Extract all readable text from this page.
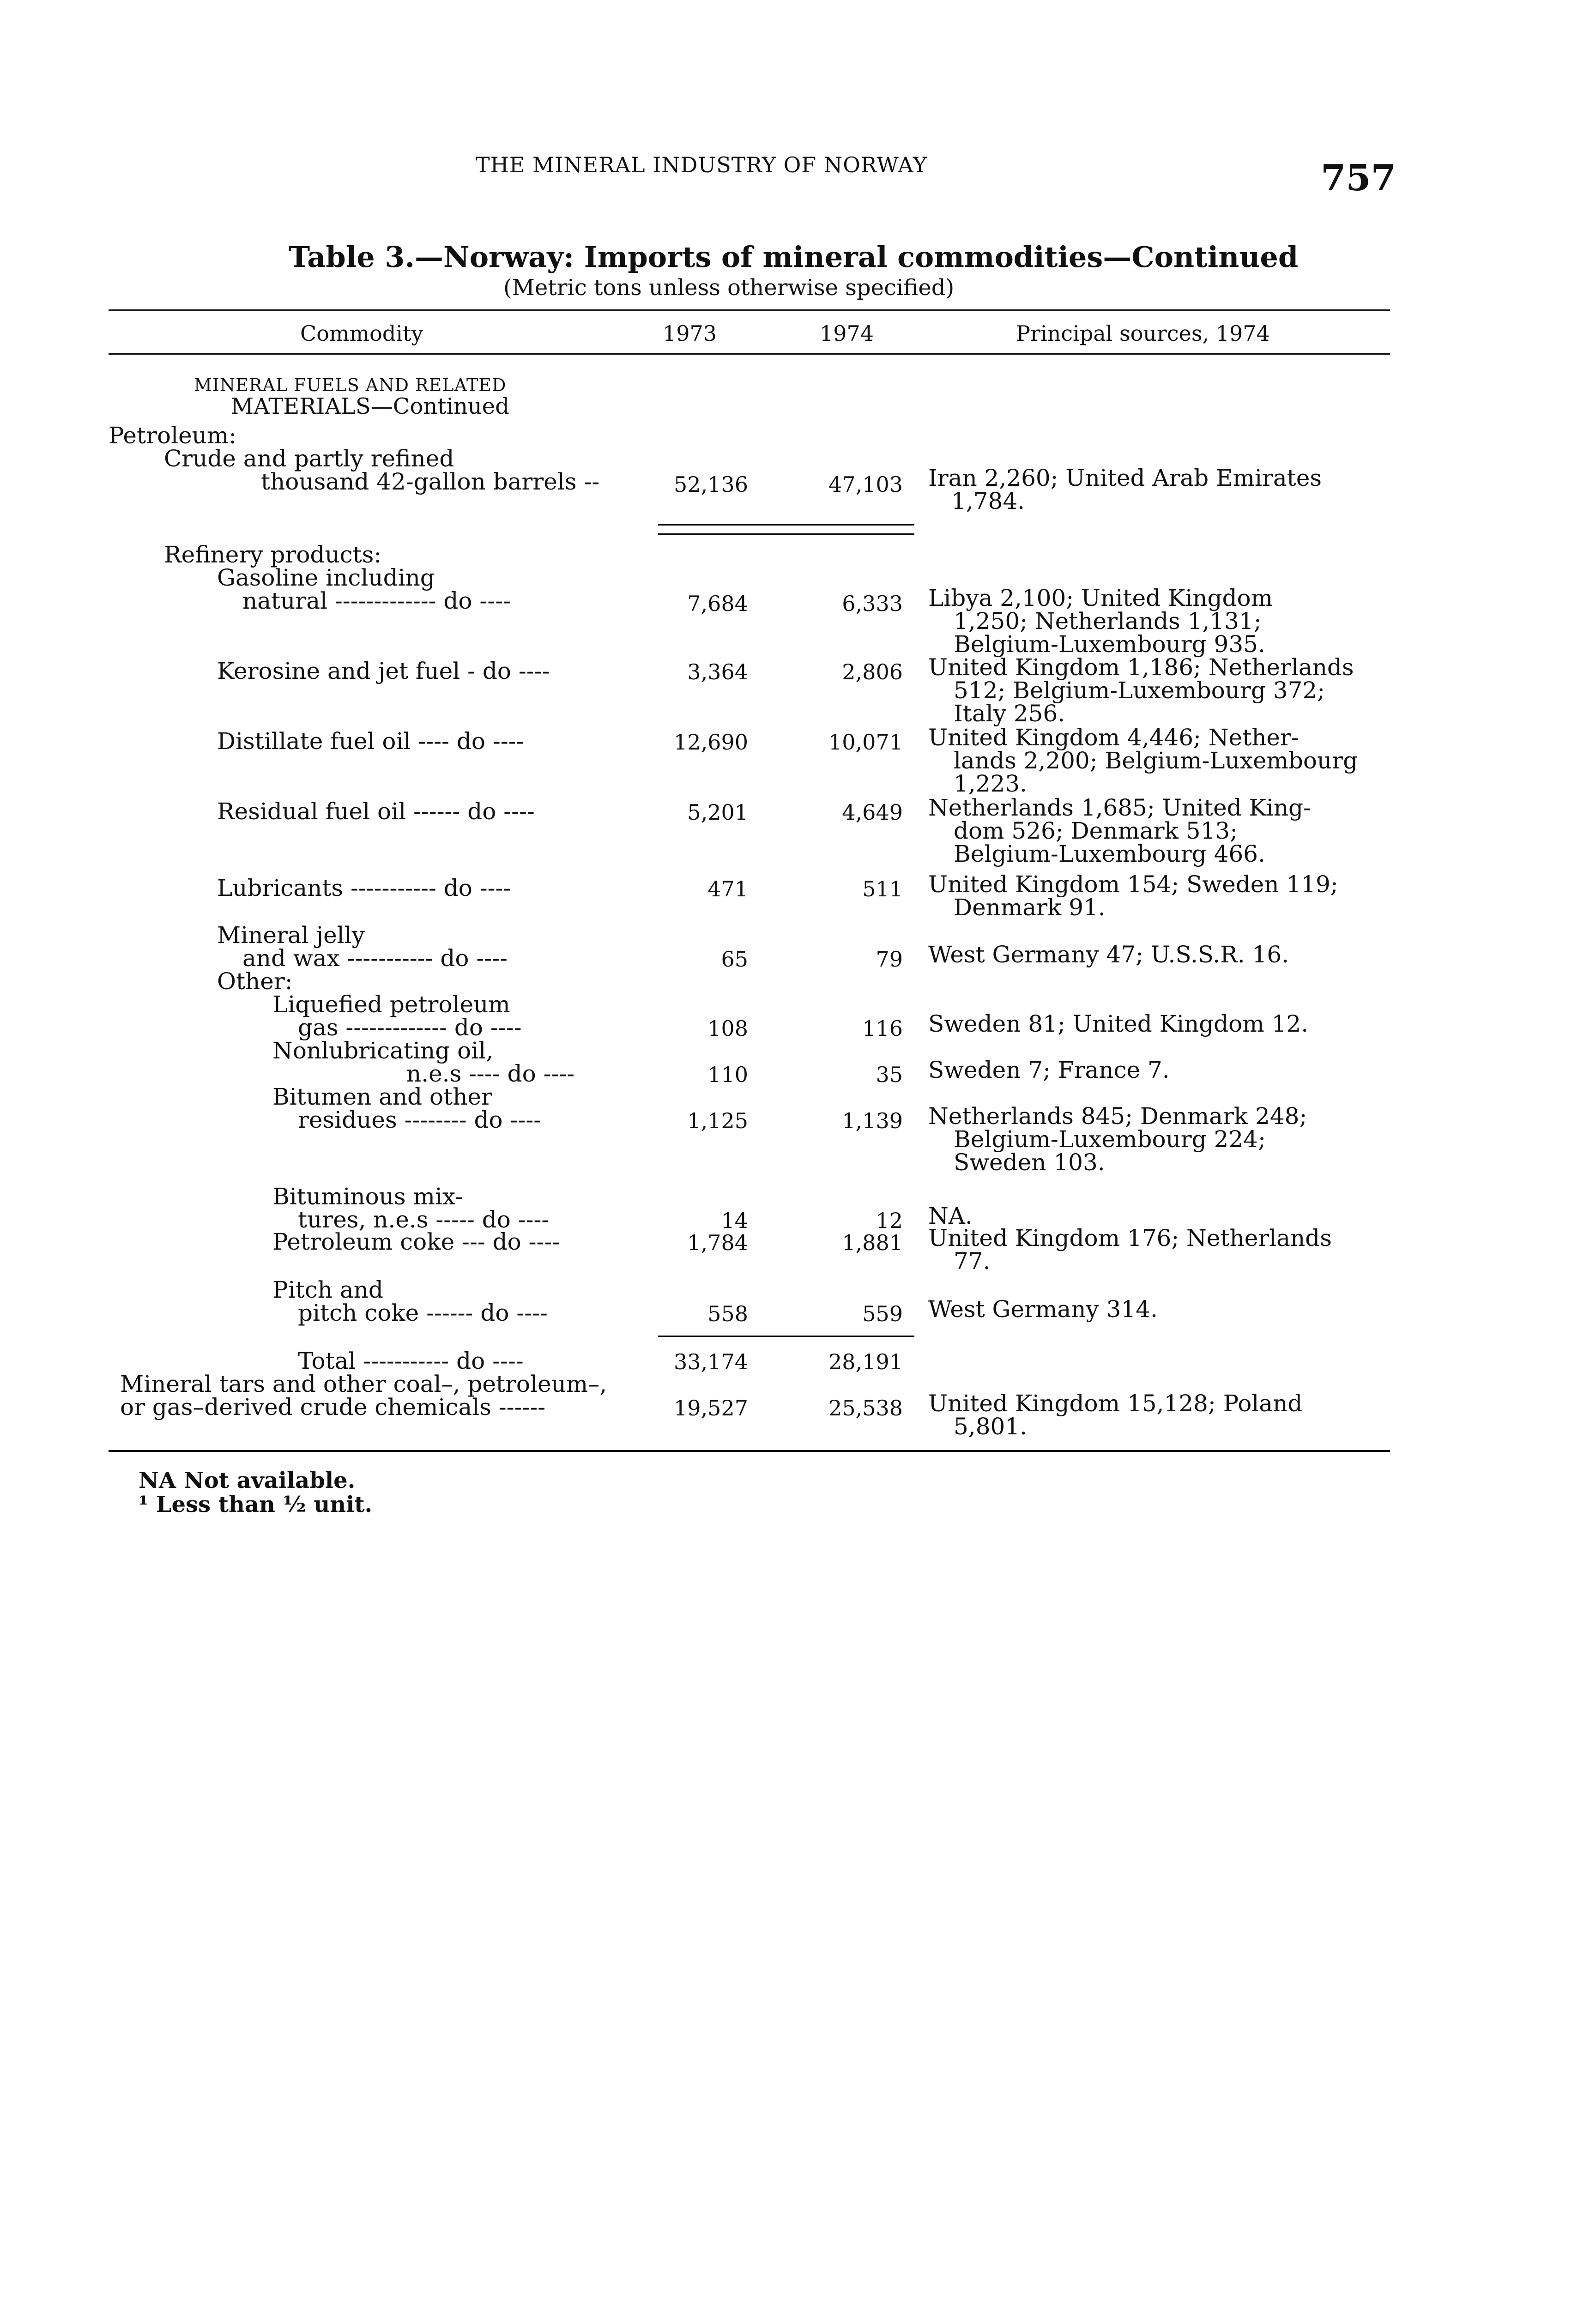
THE MINERAL INDUSTRY OF NORWAY	757
Table 3.—Norway: Imports of mineral commodities—Continued
(Metric tons unless otherwise specified)
Commodity	1973	1974	Principal sources, 1974
MINERAL FUELS AND RELATED
MATERIALS—Continued
Petroleum:
Crude and partly refined
thousand 42-gallon barrels --	52,136	47,103 Iran 2,260; United Arab Emirates
1,784.
Refinery products:
Gasoline including
natural ------------- do ----	7,684	6,333 Libya 2,100; United Kingdom
1,250; Netherlands 1,131;
Belgium-Luxembourg 935.
Kerosine and jet fuel - do ----	3,364	2,806 United Kingdom 1,186; Netherlands
512; Belgium-Luxembourg 372;
Italy 256.
Distillate fuel oil ---- do ----	12,690	10,071 United Kingdom 4,446; Nether-
lands 2,200; Belgium-Luxembourg
1,223.
Residual fuel oil ------ do ----	5,201	4,649 Netherlands 1,685; United King-
dom 526; Denmark 513;
Belgium-Luxembourg 466.
Lubricants ----------- do ----	471	511 United Kingdom 154; Sweden 119;
Denmark 91.
Mineral jelly
and wax ----------- do ----	65	79 West Germany 47; U.S.S.R. 16.
Other:
Liquefied petroleum
gas ------------- do ----	108	116 Sweden 81; United Kingdom 12.
Nonlubricating oil,
n.e.s ---- do ----	110	35 Sweden 7; France 7.
Bitumen and other
residues -------- do ----	1,125	1,139 Netherlands 845; Denmark 248;
Belgium-Luxembourg 224;
Sweden 103.
Bituminous mix-
tures, n.e.s ----- do ----	14	12 NA.
Petroleum coke --- do ----	1,784	1,881 United Kingdom 176; Netherlands
77.
Pitch and
pitch coke ------ do ----	558	559 West Germany 314.
Total ----------- do ----	33,174	28,191
Mineral tars and other coal–, petroleum–,
or gas–derived crude chemicals ------	19,527	25,538 United Kingdom 15,128; Poland
5,801.
NA Not available.
¹ Less than ½ unit.
